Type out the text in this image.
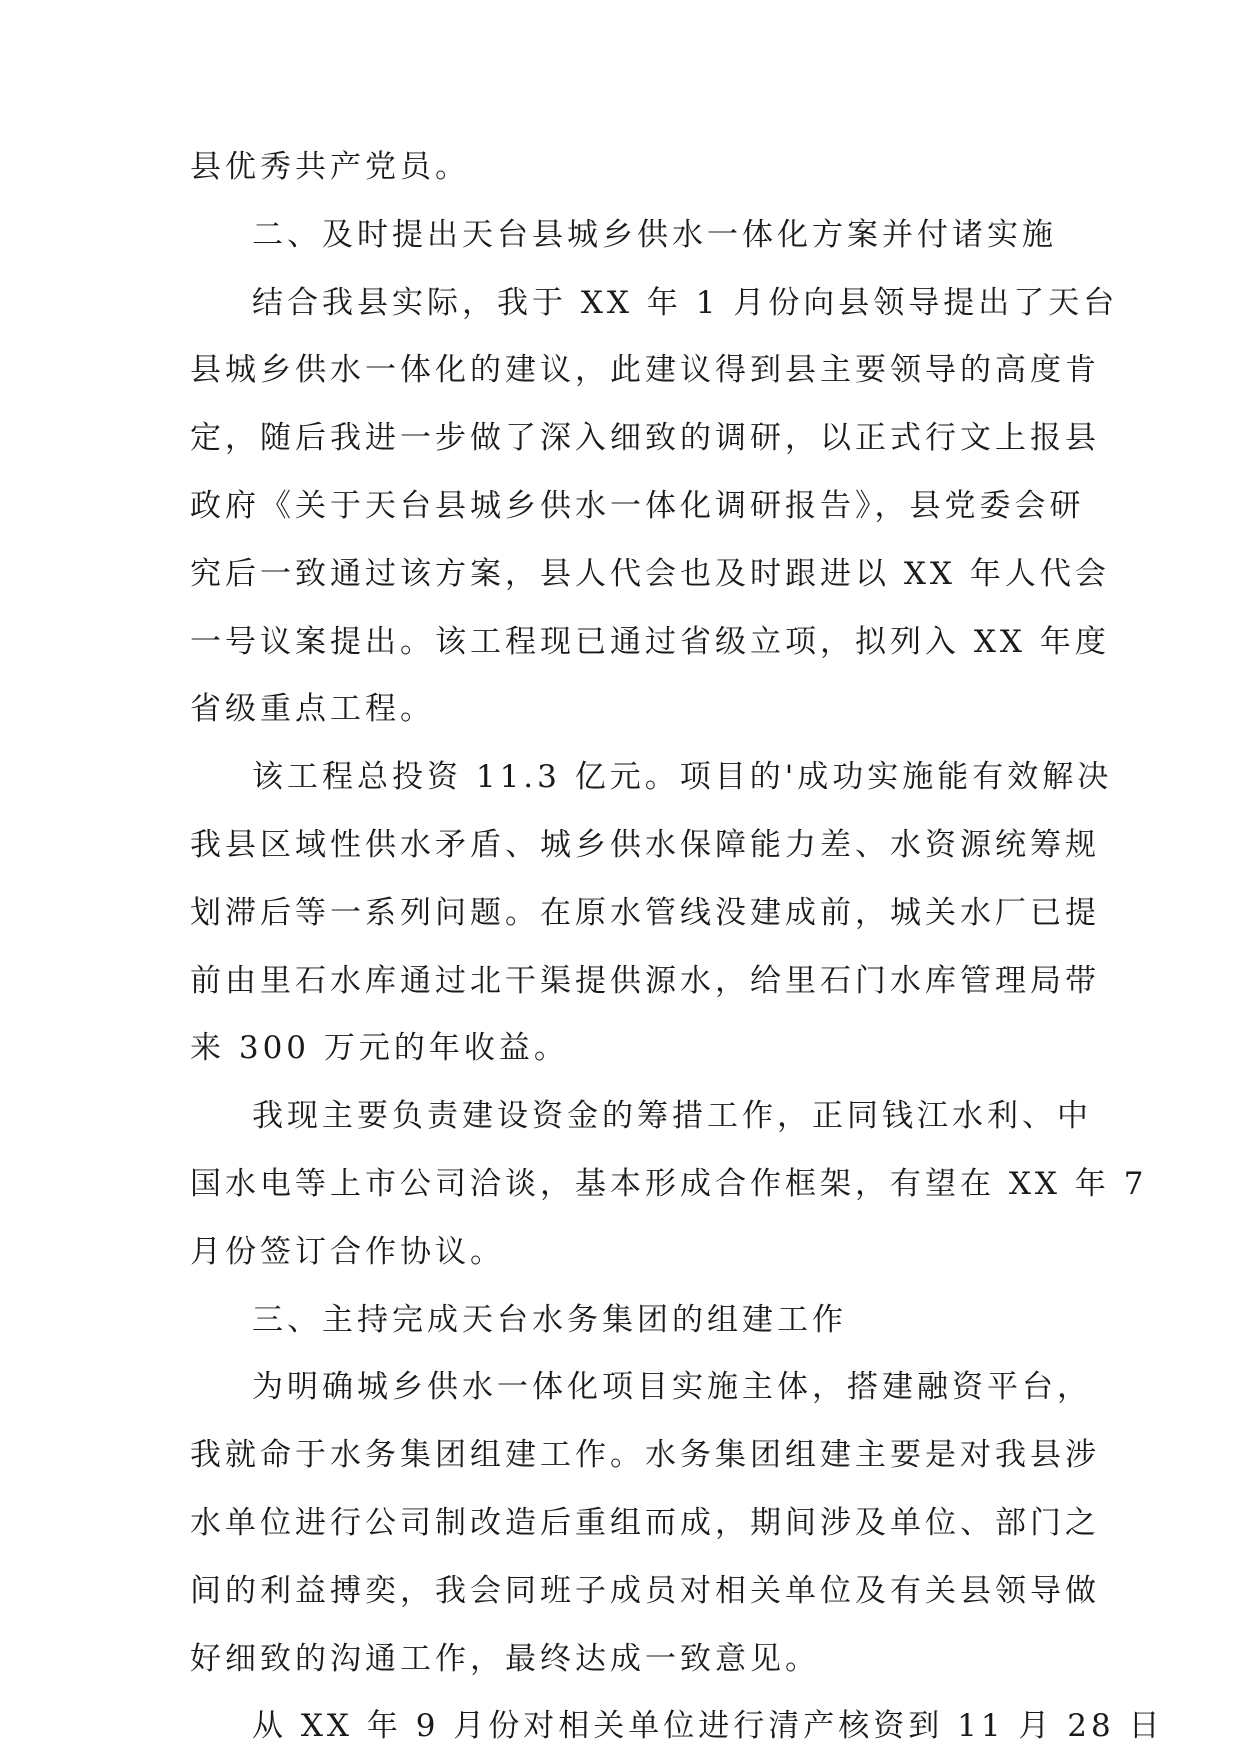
县优秀共产党员。
二、及时提出天台县城乡供水一体化方案并付诸实施
结合我县实际，我于 XX 年 1 月份向县领导提出了天台
县城乡供水一体化的建议，此建议得到县主要领导的高度肯
定，随后我进一步做了深入细致的调研，以正式行文上报县
政府《关于天台县城乡供水一体化调研报告》，县党委会研
究后一致通过该方案，县人代会也及时跟进以 XX 年人代会
一号议案提出。该工程现已通过省级立项，拟列入 XX 年度
省级重点工程。
该工程总投资 11.3 亿元。项目的'成功实施能有效解决
我县区域性供水矛盾、城乡供水保障能力差、水资源统筹规
划滞后等一系列问题。在原水管线没建成前，城关水厂已提
前由里石水库通过北干渠提供源水，给里石门水库管理局带
来 300 万元的年收益。
我现主要负责建设资金的筹措工作，正同钱江水利、中
国水电等上市公司洽谈，基本形成合作框架，有望在 XX 年 7
月份签订合作协议。
三、主持完成天台水务集团的组建工作
为明确城乡供水一体化项目实施主体，搭建融资平台，
我就命于水务集团组建工作。水务集团组建主要是对我县涉
水单位进行公司制改造后重组而成，期间涉及单位、部门之
间的利益搏奕，我会同班子成员对相关单位及有关县领导做
好细致的沟通工作，最终达成一致意见。
从 XX 年 9 月份对相关单位进行清产核资到 11 月 28 日
